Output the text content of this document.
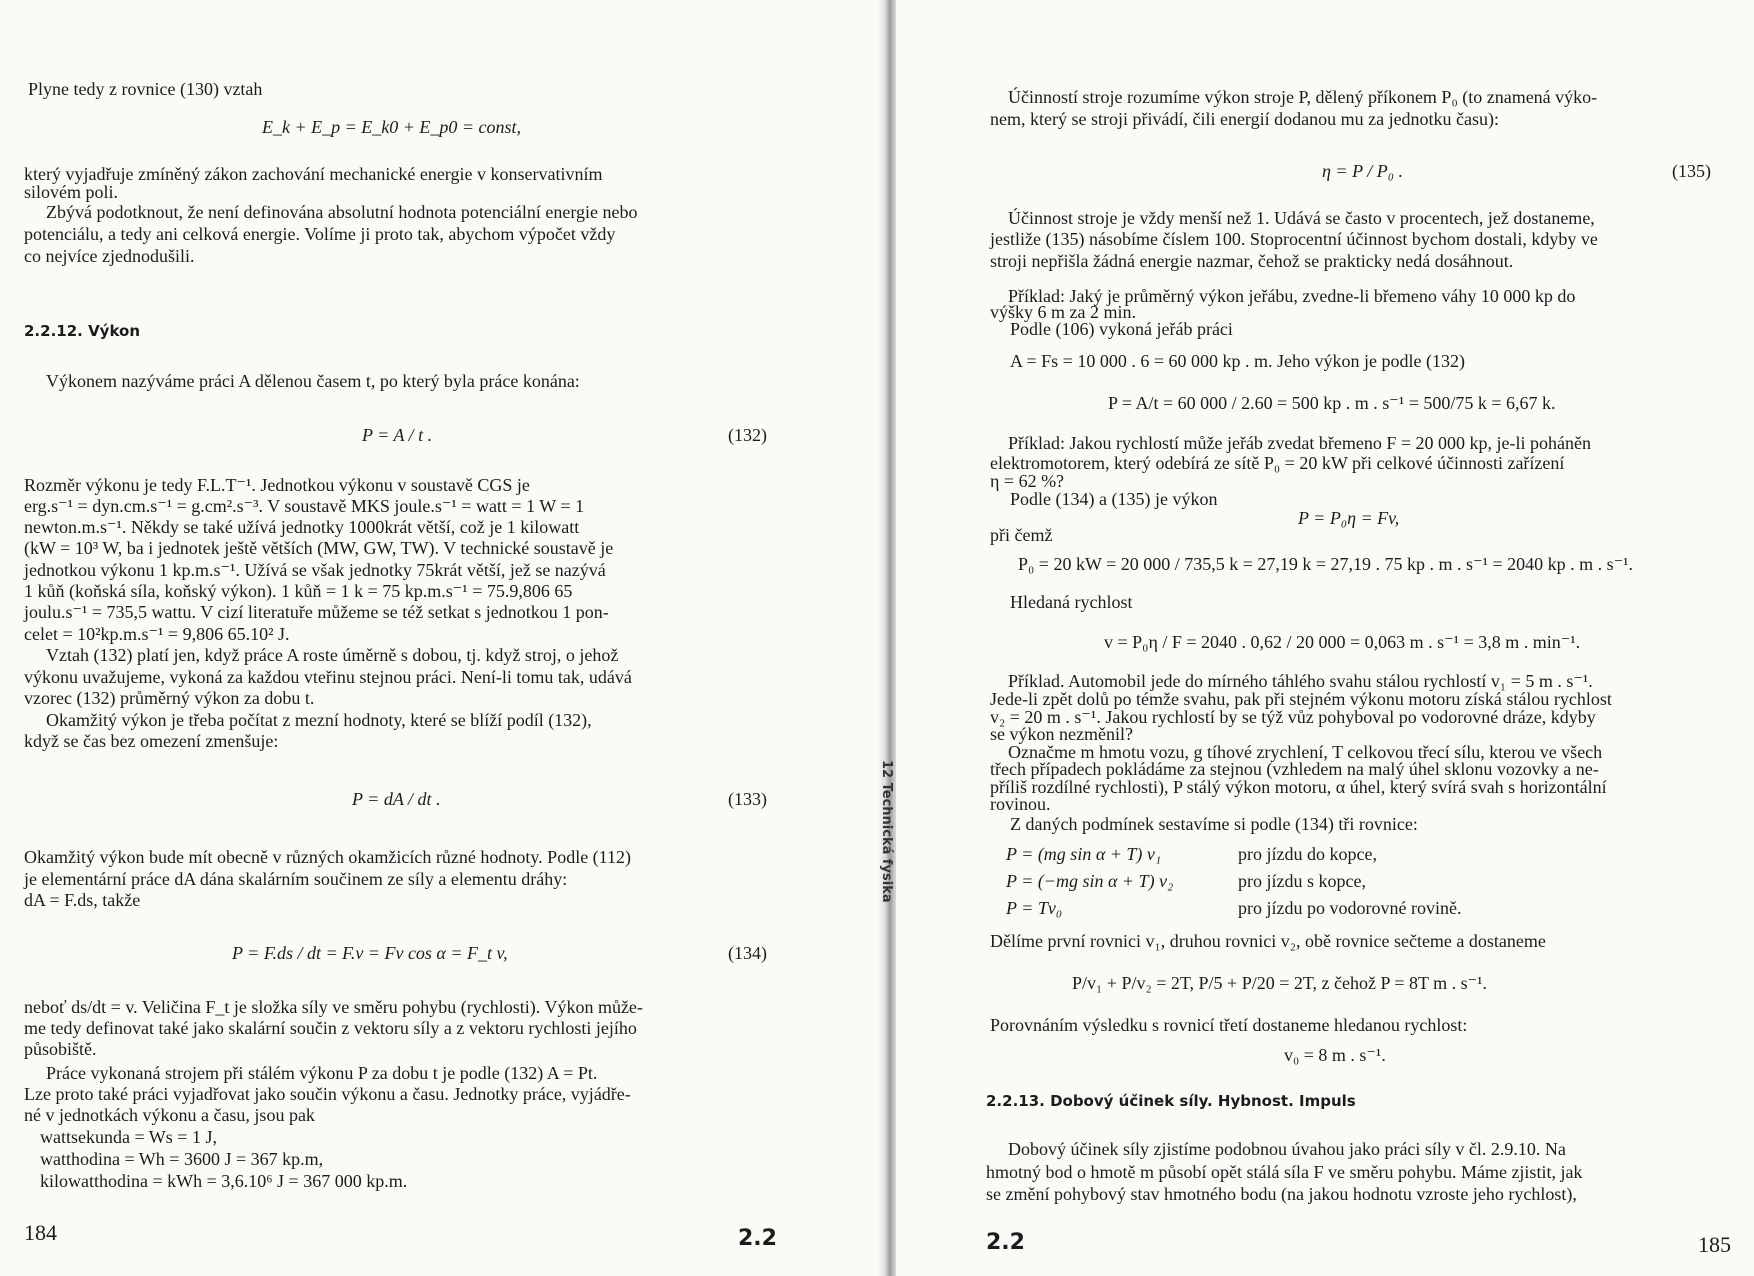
12 Technická fysika
Plyne tedy z rovnice (130) vztah
E_k + E_p = E_k0 + E_p0 = const,
který vyjadřuje zmíněný zákon zachování mechanické energie v konservativním
silovém poli.
Zbývá podotknout, že není definována absolutní hodnota potenciální energie nebo
potenciálu, a tedy ani celková energie. Volíme ji proto tak, abychom výpočet vždy
co nejvíce zjednodušili.
2.2.12. Výkon
Výkonem nazýváme práci A dělenou časem t, po který byla práce konána:
P = A / t .	(132)
Rozměr výkonu je tedy F.L.T⁻¹. Jednotkou výkonu v soustavě CGS je
erg.s⁻¹ = dyn.cm.s⁻¹ = g.cm².s⁻³. V soustavě MKS joule.s⁻¹ = watt = 1 W = 1
newton.m.s⁻¹. Někdy se také užívá jednotky 1000krát větší, což je 1 kilowatt
(kW = 10³ W, ba i jednotek ještě větších (MW, GW, TW). V technické soustavě je
jednotkou výkonu 1 kp.m.s⁻¹. Užívá se však jednotky 75krát větší, jež se nazývá
1 kůň (koňská síla, koňský výkon). 1 kůň = 1 k = 75 kp.m.s⁻¹ = 75.9,806 65
joulu.s⁻¹ = 735,5 wattu. V cizí literatuře můžeme se též setkat s jednotkou 1 pon-
celet = 10²kp.m.s⁻¹ = 9,806 65.10² J.
Vztah (132) platí jen, když práce A roste úměrně s dobou, tj. když stroj, o jehož
výkonu uvažujeme, vykoná za každou vteřinu stejnou práci. Není-li tomu tak, udává
vzorec (132) průměrný výkon za dobu t.
Okamžitý výkon je třeba počítat z mezní hodnoty, které se blíží podíl (132),
když se čas bez omezení zmenšuje:
P = dA / dt .	(133)
Okamžitý výkon bude mít obecně v různých okamžicích různé hodnoty. Podle (112)
je elementární práce dA dána skalárním součinem ze síly a elementu dráhy:
dA = F.ds, takže
P = F.ds / dt = F.v = Fv cos α = F_t v,	(134)
neboť ds/dt = v. Veličina F_t je složka síly ve směru pohybu (rychlosti). Výkon může-
me tedy definovat také jako skalární součin z vektoru síly a z vektoru rychlosti jejího
působiště.
Práce vykonaná strojem při stálém výkonu P za dobu t je podle (132) A = Pt.
Lze proto také práci vyjadřovat jako součin výkonu a času. Jednotky práce, vyjádře-
né v jednotkách výkonu a času, jsou pak
wattsekunda = Ws = 1 J,
watthodina = Wh = 3600 J = 367 kp.m,
kilowatthodina = kWh = 3,6.10⁶ J = 367 000 kp.m.
184	2.2
Účinností stroje rozumíme výkon stroje P, dělený příkonem P₀ (to znamená výko-
nem, který se stroji přivádí, čili energií dodanou mu za jednotku času):
η = P / P₀ .	(135)
Účinnost stroje je vždy menší než 1. Udává se často v procentech, jež dostaneme,
jestliže (135) násobíme číslem 100. Stoprocentní účinnost bychom dostali, kdyby ve
stroji nepřišla žádná energie nazmar, čehož se prakticky nedá dosáhnout.
Příklad: Jaký je průměrný výkon jeřábu, zvedne-li břemeno váhy 10 000 kp do
výšky 6 m za 2 min.
Podle (106) vykoná jeřáb práci
A = Fs = 10 000 . 6 = 60 000 kp . m. Jeho výkon je podle (132)
P = A/t = 60 000 / 2.60 = 500 kp . m . s⁻¹ = 500/75 k = 6,67 k.
Příklad: Jakou rychlostí může jeřáb zvedat břemeno F = 20 000 kp, je-li poháněn
elektromotorem, který odebírá ze sítě P₀ = 20 kW při celkové účinnosti zařízení
η = 62 %?
Podle (134) a (135) je výkon
P = P₀η = Fv,
při čemž
P₀ = 20 kW = 20 000 / 735,5 k = 27,19 k = 27,19 . 75 kp . m . s⁻¹ = 2040 kp . m . s⁻¹.
Hledaná rychlost
v = P₀η / F = 2040 . 0,62 / 20 000 = 0,063 m . s⁻¹ = 3,8 m . min⁻¹.
Příklad. Automobil jede do mírného táhlého svahu stálou rychlostí v₁ = 5 m . s⁻¹.
Jede-li zpět dolů po témže svahu, pak při stejném výkonu motoru získá stálou rychlost
v₂ = 20 m . s⁻¹. Jakou rychlostí by se týž vůz pohyboval po vodorovné dráze, kdyby
se výkon nezměnil?
Označme m hmotu vozu, g tíhové zrychlení, T celkovou třecí sílu, kterou ve všech
třech případech pokládáme za stejnou (vzhledem na malý úhel sklonu vozovky a ne-
příliš rozdílné rychlosti), P stálý výkon motoru, α úhel, který svírá svah s horizontální
rovinou.
Z daných podmínek sestavíme si podle (134) tři rovnice:
P = (mg sin α + T) v₁	pro jízdu do kopce,
P = (−mg sin α + T) v₂	pro jízdu s kopce,
P = Tv₀	pro jízdu po vodorovné rovině.
Dělíme první rovnici v₁, druhou rovnici v₂, obě rovnice sečteme a dostaneme
P/v₁ + P/v₂ = 2T, P/5 + P/20 = 2T, z čehož P = 8T m . s⁻¹.
Porovnáním výsledku s rovnicí třetí dostaneme hledanou rychlost:
v₀ = 8 m . s⁻¹.
2.2.13. Dobový účinek síly. Hybnost. Impuls
Dobový účinek síly zjistíme podobnou úvahou jako práci síly v čl. 2.9.10. Na
hmotný bod o hmotě m působí opět stálá síla F ve směru pohybu. Máme zjistit, jak
se změní pohybový stav hmotného bodu (na jakou hodnotu vzroste jeho rychlost),
2.2	185
